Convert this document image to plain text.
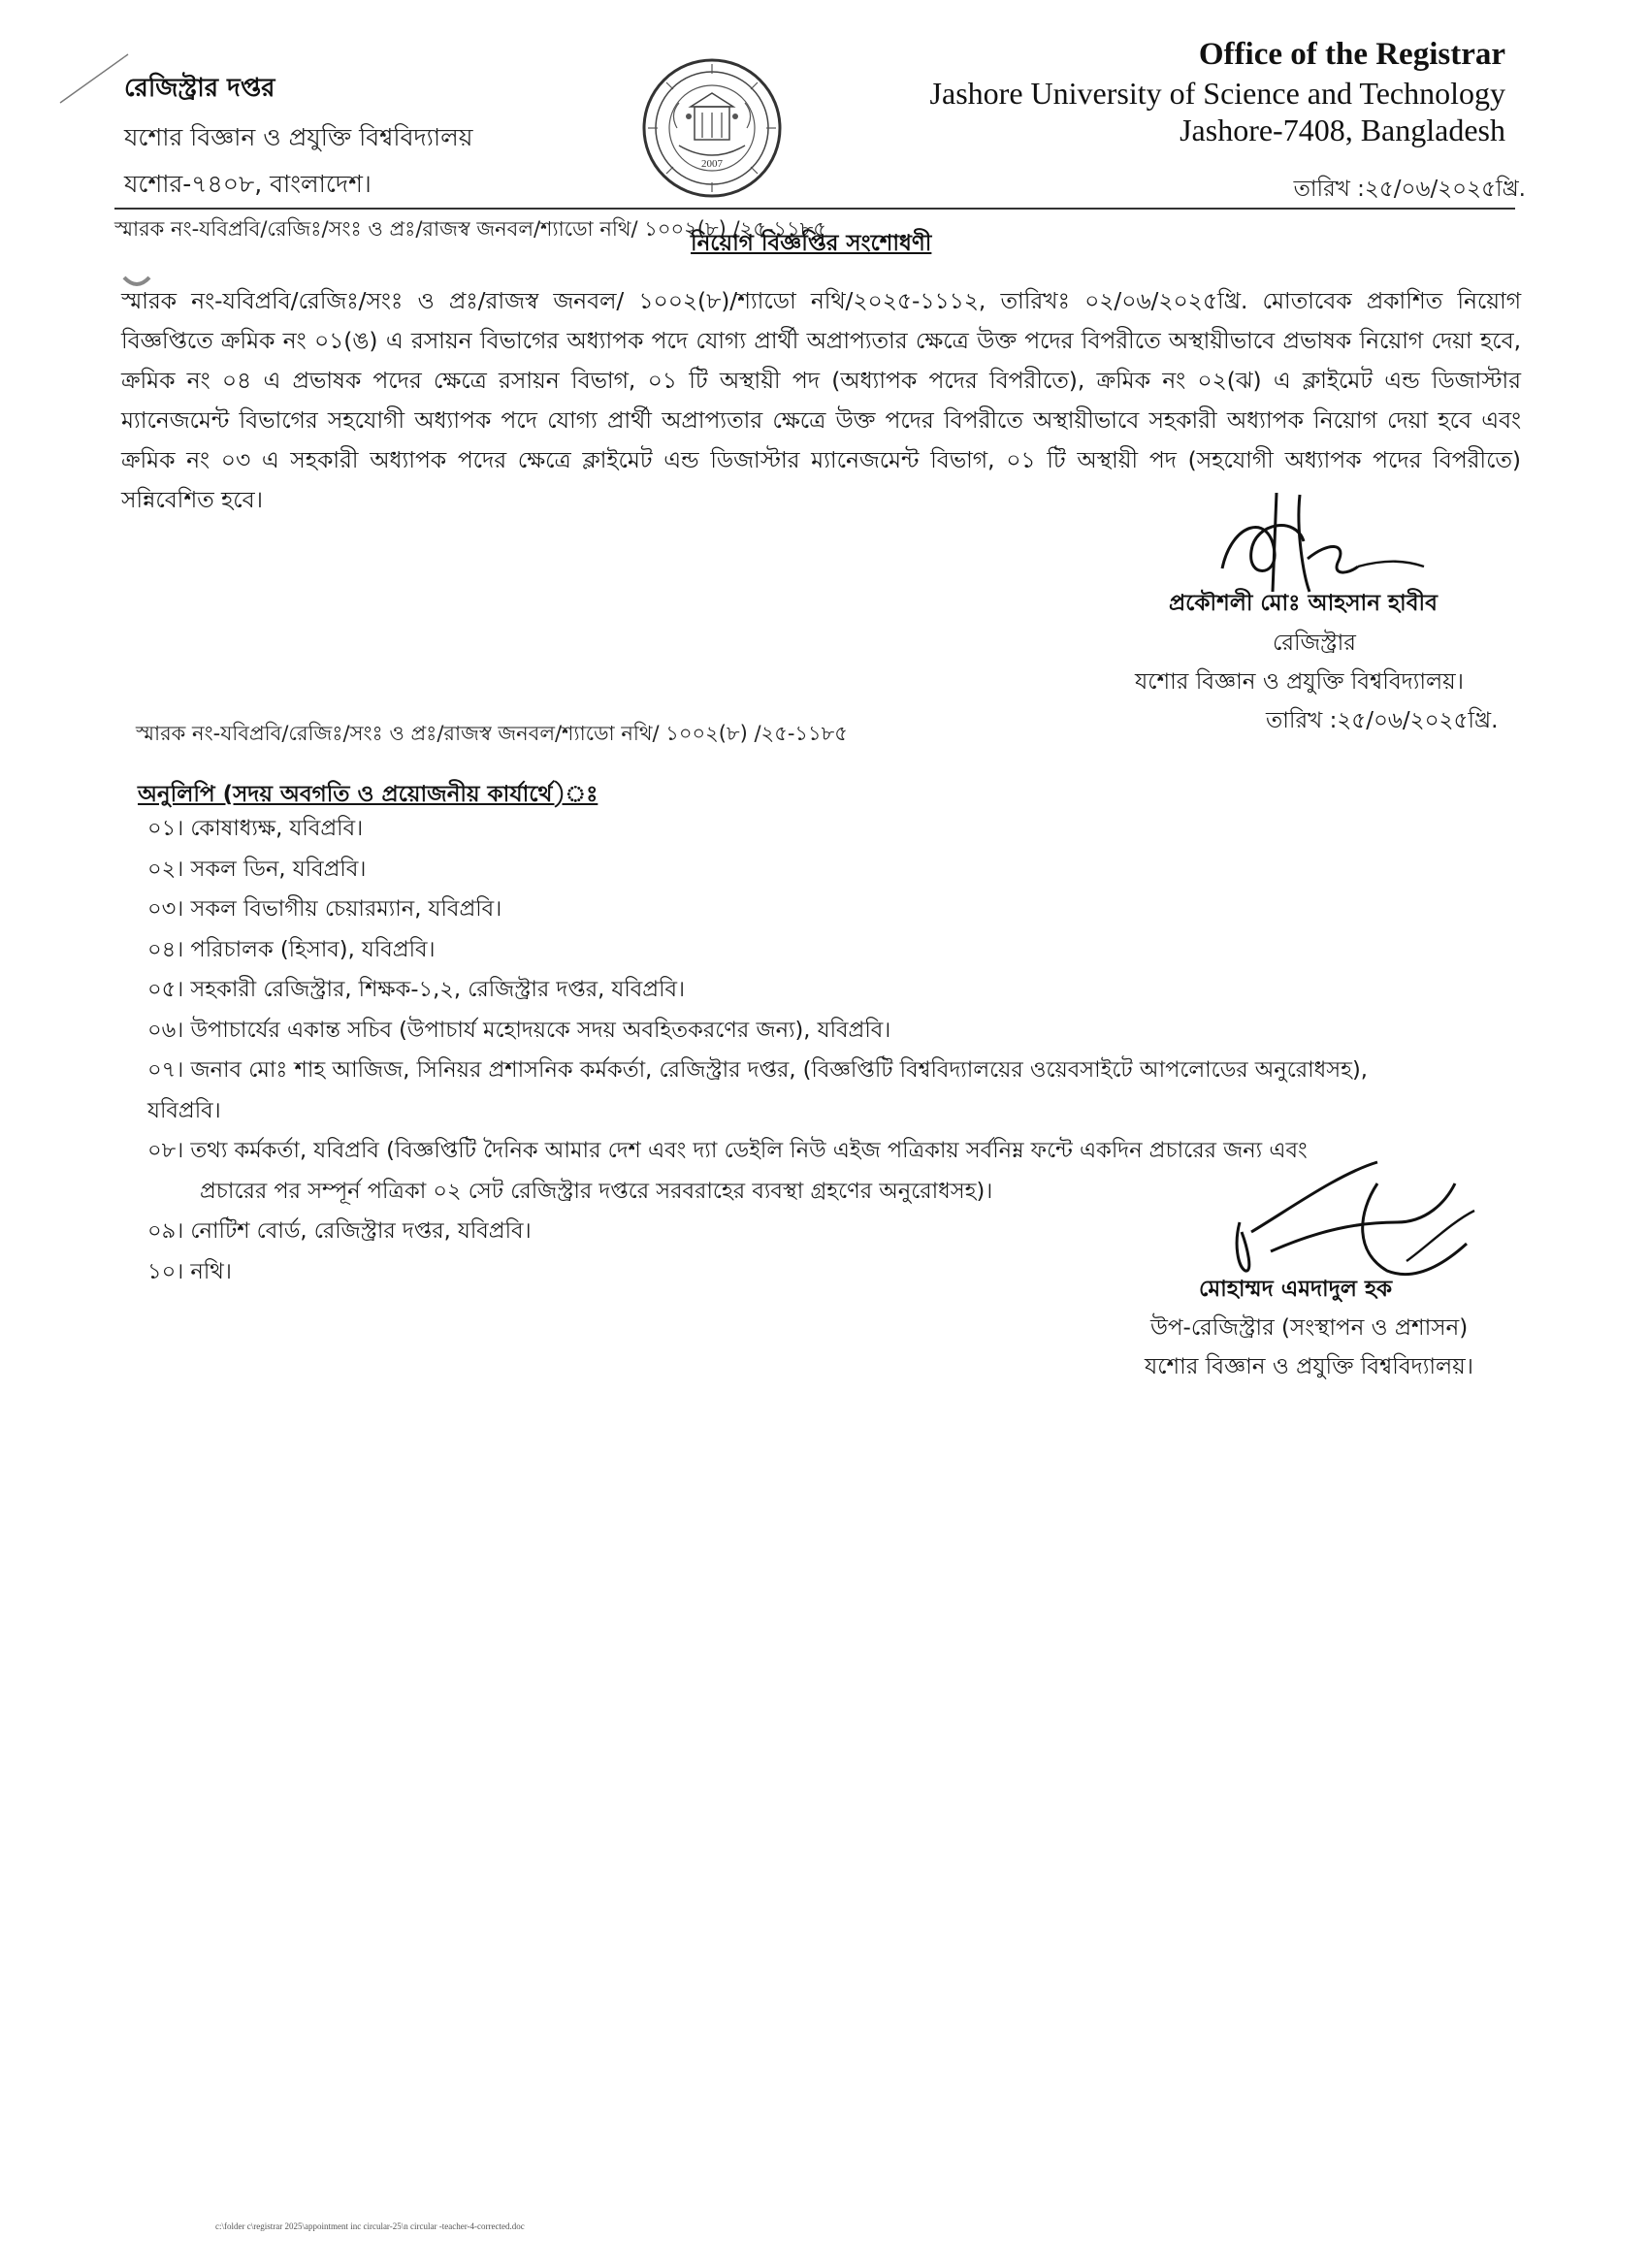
রেজিস্ট্রার দপ্তর
যশোর বিজ্ঞান ও প্রযুক্তি বিশ্ববিদ্যালয়
যশোর-৭৪০৮, বাংলাদেশ।
2007
Office of the Registrar
Jashore University of Science and Technology
Jashore-7408, Bangladesh
স্মারক নং-যবিপ্রবি/রেজিঃ/সংঃ ও প্রঃ/রাজস্ব জনবল/শ্যাডো নথি/ ১০০২(৮) /২৫-১১৮৫
তারিখ :২৫/০৬/২০২৫খ্রি.
নিয়োগ বিজ্ঞপ্তির সংশোধণী
স্মারক নং-যবিপ্রবি/রেজিঃ/সংঃ ও প্রঃ/রাজস্ব জনবল/ ১০০২(৮)/শ্যাডো নথি/২০২৫-১১১২, তারিখঃ ০২/০৬/২০২৫খ্রি. মোতাবেক প্রকাশিত নিয়োগ বিজ্ঞপ্তিতে ক্রমিক নং ০১(ঙ) এ রসায়ন বিভাগের অধ্যাপক পদে যোগ্য প্রার্থী অপ্রাপ্যতার ক্ষেত্রে উক্ত পদের বিপরীতে অস্থায়ীভাবে প্রভাষক নিয়োগ দেয়া হবে, ক্রমিক নং ০৪ এ প্রভাষক পদের ক্ষেত্রে রসায়ন বিভাগ, ০১ টি অস্থায়ী পদ (অধ্যাপক পদের বিপরীতে), ক্রমিক নং ০২(ঝ) এ ক্লাইমেট এন্ড ডিজাস্টার ম্যানেজমেন্ট বিভাগের সহযোগী অধ্যাপক পদে যোগ্য প্রার্থী অপ্রাপ্যতার ক্ষেত্রে উক্ত পদের বিপরীতে অস্থায়ীভাবে সহকারী অধ্যাপক নিয়োগ দেয়া হবে এবং ক্রমিক নং ০৩ এ সহকারী অধ্যাপক পদের ক্ষেত্রে ক্লাইমেট এন্ড ডিজাস্টার ম্যানেজমেন্ট বিভাগ, ০১ টি অস্থায়ী পদ (সহযোগী অধ্যাপক পদের বিপরীতে) সন্নিবেশিত হবে।
প্রকৌশলী মোঃ আহসান হাবীব
রেজিস্ট্রার
যশোর বিজ্ঞান ও প্রযুক্তি বিশ্ববিদ্যালয়।
তারিখ :২৫/০৬/২০২৫খ্রি.
স্মারক নং-যবিপ্রবি/রেজিঃ/সংঃ ও প্রঃ/রাজস্ব জনবল/শ্যাডো নথি/ ১০০২(৮) /২৫-১১৮৫
অনুলিপি (সদয় অবগতি ও প্রয়োজনীয় কার্যার্থে)ঃ
০১। কোষাধ্যক্ষ, যবিপ্রবি।
০২। সকল ডিন, যবিপ্রবি।
০৩। সকল বিভাগীয় চেয়ারম্যান, যবিপ্রবি।
০৪। পরিচালক (হিসাব), যবিপ্রবি।
০৫। সহকারী রেজিস্ট্রার, শিক্ষক-১,২, রেজিস্ট্রার দপ্তর, যবিপ্রবি।
০৬। উপাচার্যের একান্ত সচিব (উপাচার্য মহোদয়কে সদয় অবহিতকরণের জন্য), যবিপ্রবি।
০৭। জনাব মোঃ শাহ আজিজ, সিনিয়র প্রশাসনিক কর্মকর্তা, রেজিস্ট্রার দপ্তর, (বিজ্ঞপ্তিটি বিশ্ববিদ্যালয়ের ওয়েবসাইটে আপলোডের অনুরোধসহ),
যবিপ্রবি।
০৮। তথ্য কর্মকর্তা, যবিপ্রবি (বিজ্ঞপ্তিটি দৈনিক আমার দেশ এবং দ্যা ডেইলি নিউ এইজ পত্রিকায় সর্বনিম্ন ফন্টে একদিন প্রচারের জন্য এবং
প্রচারের পর সম্পূর্ন পত্রিকা ০২ সেট রেজিস্ট্রার দপ্তরে সরবরাহের ব্যবস্থা গ্রহণের অনুরোধসহ)।
০৯। নোটিশ বোর্ড, রেজিস্ট্রার দপ্তর, যবিপ্রবি।
১০। নথি।
মোহাম্মদ এমদাদুল হক
উপ-রেজিস্ট্রার (সংস্থাপন ও প্রশাসন)
যশোর বিজ্ঞান ও প্রযুক্তি বিশ্ববিদ্যালয়।
c:\folder c\registrar 2025\appointment inc circular-25\n circular -teacher-4-corrected.doc
